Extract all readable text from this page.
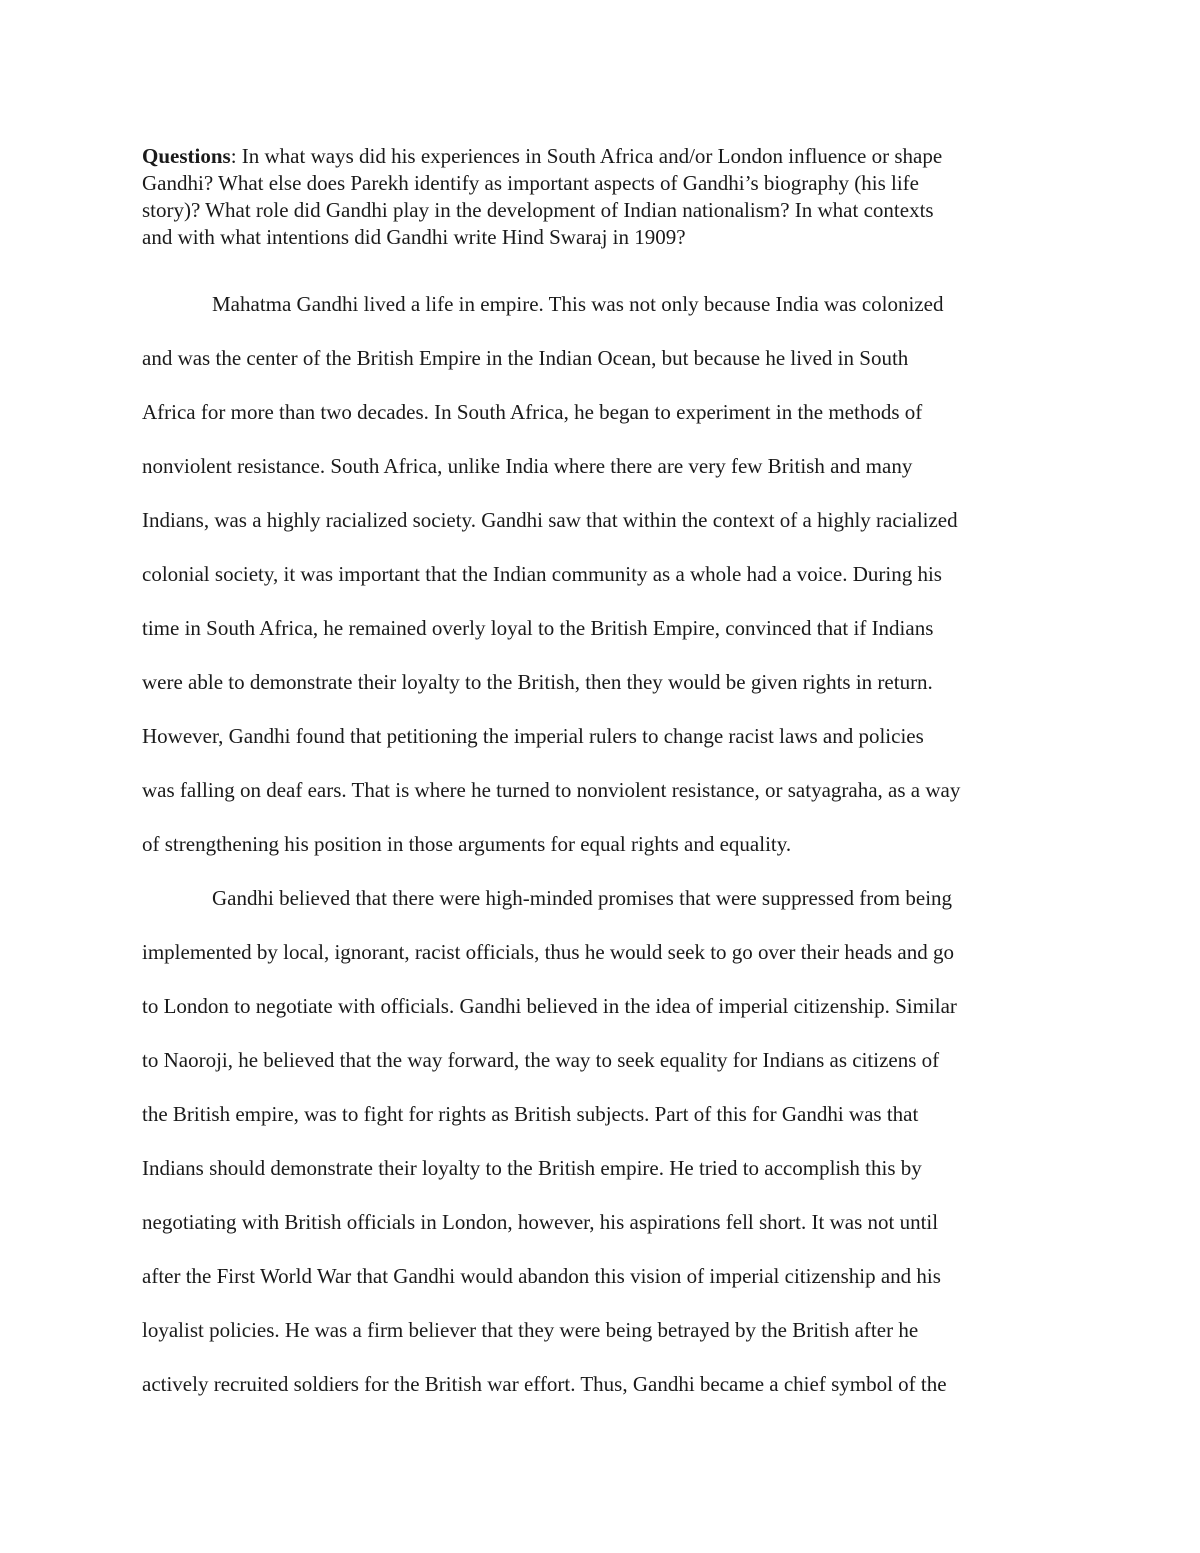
Questions: In what ways did his experiences in South Africa and/or London influence or shape
Gandhi? What else does Parekh identify as important aspects of Gandhi’s biography (his life
story)? What role did Gandhi play in the development of Indian nationalism? In what contexts
and with what intentions did Gandhi write Hind Swaraj in 1909?
Mahatma Gandhi lived a life in empire. This was not only because India was colonized
and was the center of the British Empire in the Indian Ocean, but because he lived in South
Africa for more than two decades. In South Africa, he began to experiment in the methods of
nonviolent resistance. South Africa, unlike India where there are very few British and many
Indians, was a highly racialized society. Gandhi saw that within the context of a highly racialized
colonial society, it was important that the Indian community as a whole had a voice. During his
time in South Africa, he remained overly loyal to the British Empire, convinced that if Indians
were able to demonstrate their loyalty to the British, then they would be given rights in return.
However, Gandhi found that petitioning the imperial rulers to change racist laws and policies
was falling on deaf ears. That is where he turned to nonviolent resistance, or satyagraha, as a way
of strengthening his position in those arguments for equal rights and equality.
Gandhi believed that there were high-minded promises that were suppressed from being
implemented by local, ignorant, racist officials, thus he would seek to go over their heads and go
to London to negotiate with officials. Gandhi believed in the idea of imperial citizenship. Similar
to Naoroji, he believed that the way forward, the way to seek equality for Indians as citizens of
the British empire, was to fight for rights as British subjects. Part of this for Gandhi was that
Indians should demonstrate their loyalty to the British empire. He tried to accomplish this by
negotiating with British officials in London, however, his aspirations fell short. It was not until
after the First World War that Gandhi would abandon this vision of imperial citizenship and his
loyalist policies. He was a firm believer that they were being betrayed by the British after he
actively recruited soldiers for the British war effort. Thus, Gandhi became a chief symbol of the
